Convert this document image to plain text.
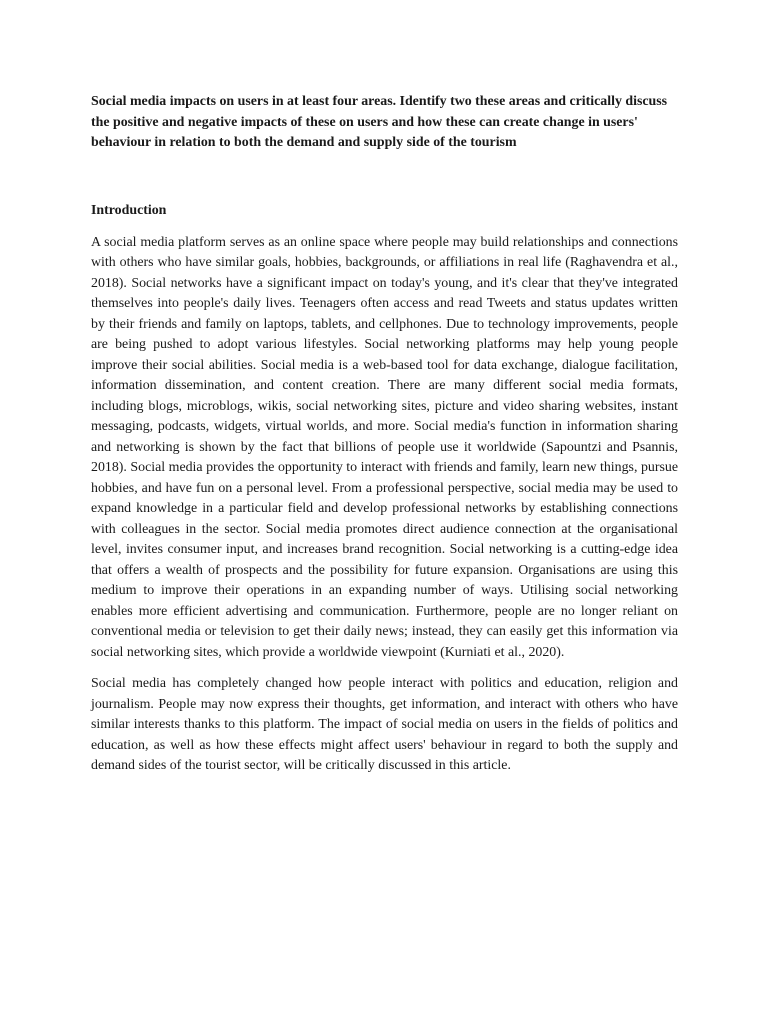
Social media impacts on users in at least four areas. Identify two these areas and critically discuss the positive and negative impacts of these on users and how these can create change in users' behaviour in relation to both the demand and supply side of the tourism

Introduction

A social media platform serves as an online space where people may build relationships and connections with others who have similar goals, hobbies, backgrounds, or affiliations in real life (Raghavendra et al., 2018). Social networks have a significant impact on today's young, and it's clear that they've integrated themselves into people's daily lives. Teenagers often access and read Tweets and status updates written by their friends and family on laptops, tablets, and cellphones. Due to technology improvements, people are being pushed to adopt various lifestyles. Social networking platforms may help young people improve their social abilities. Social media is a web-based tool for data exchange, dialogue facilitation, information dissemination, and content creation. There are many different social media formats, including blogs, microblogs, wikis, social networking sites, picture and video sharing websites, instant messaging, podcasts, widgets, virtual worlds, and more. Social media's function in information sharing and networking is shown by the fact that billions of people use it worldwide (Sapountzi and Psannis, 2018). Social media provides the opportunity to interact with friends and family, learn new things, pursue hobbies, and have fun on a personal level. From a professional perspective, social media may be used to expand knowledge in a particular field and develop professional networks by establishing connections with colleagues in the sector. Social media promotes direct audience connection at the organisational level, invites consumer input, and increases brand recognition. Social networking is a cutting-edge idea that offers a wealth of prospects and the possibility for future expansion. Organisations are using this medium to improve their operations in an expanding number of ways. Utilising social networking enables more efficient advertising and communication. Furthermore, people are no longer reliant on conventional media or television to get their daily news; instead, they can easily get this information via social networking sites, which provide a worldwide viewpoint (Kurniati et al., 2020).

Social media has completely changed how people interact with politics and education, religion and journalism. People may now express their thoughts, get information, and interact with others who have similar interests thanks to this platform. The impact of social media on users in the fields of politics and education, as well as how these effects might affect users' behaviour in regard to both the supply and demand sides of the tourist sector, will be critically discussed in this article.
